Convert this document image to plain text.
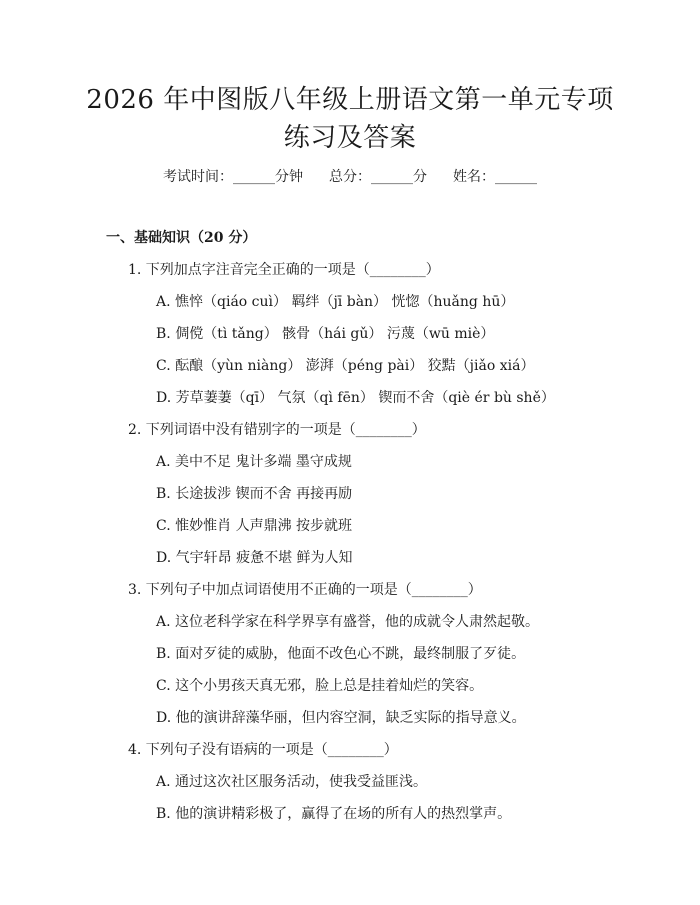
2026 年中图版八年级上册语文第一单元专项
练习及答案
考试时间：______分钟 总分：______分 姓名：______
一、基础知识（20 分）
1. 下列加点字注音完全正确的一项是（________）
A. 憔悴（qiáo cuì） 羁绊（jī bàn） 恍惚（huǎng hū）
B. 倜傥（tì tǎng） 骸骨（hái gǔ） 污蔑（wū miè）
C. 酝酿（yùn niàng） 澎湃（péng pài） 狡黠（jiǎo xiá）
D. 芳草萋萋（qī） 气氛（qì fēn） 锲而不舍（qiè ér bù shě）
2. 下列词语中没有错别字的一项是（________）
A. 美中不足 鬼计多端 墨守成规
B. 长途拔涉 锲而不舍 再接再励
C. 惟妙惟肖 人声鼎沸 按步就班
D. 气宇轩昂 疲惫不堪 鲜为人知
3. 下列句子中加点词语使用不正确的一项是（________）
A. 这位老科学家在科学界享有盛誉，他的成就令人肃然起敬。
B. 面对歹徒的威胁，他面不改色心不跳，最终制服了歹徒。
C. 这个小男孩天真无邪，脸上总是挂着灿烂的笑容。
D. 他的演讲辞藻华丽，但内容空洞，缺乏实际的指导意义。
4. 下列句子没有语病的一项是（________）
A. 通过这次社区服务活动，使我受益匪浅。
B. 他的演讲精彩极了，赢得了在场的所有人的热烈掌声。
